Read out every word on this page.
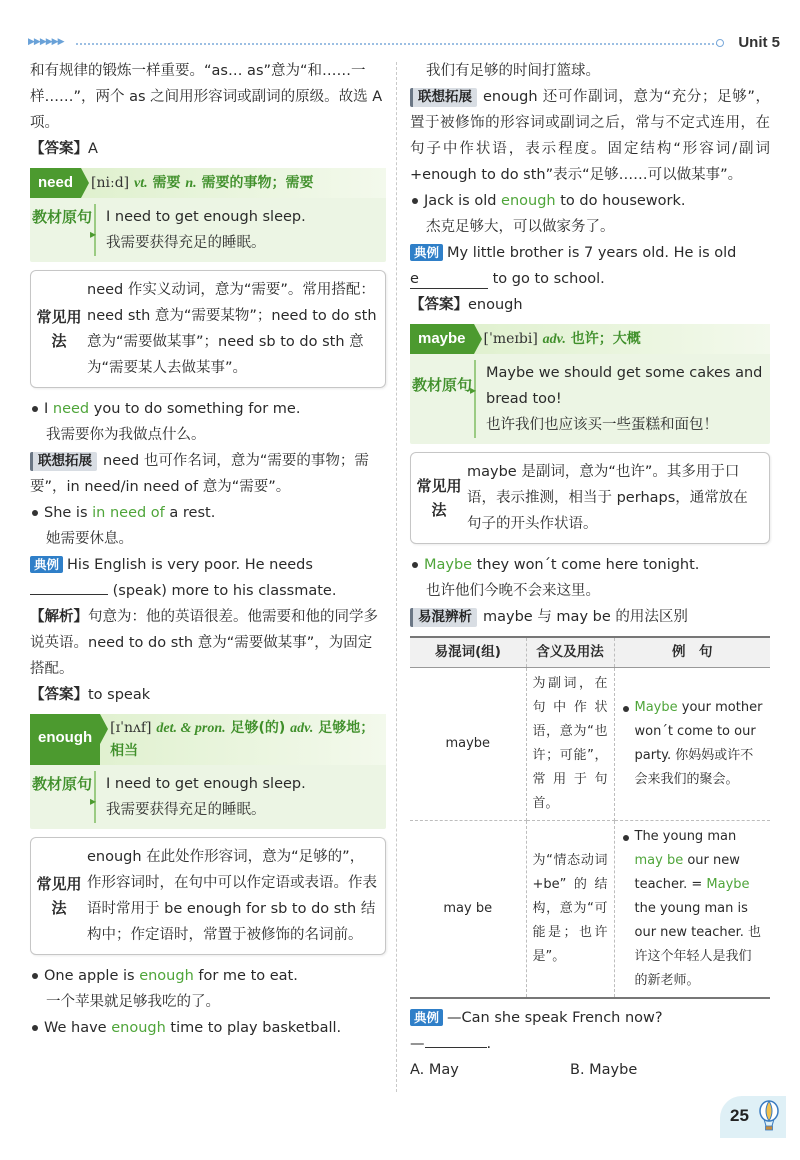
▶▶▶▶▶▶	Unit 5

和有规律的锻炼一样重要。“as… as”意为“和……一样……”，两个 as 之间用形容词或副词的原级。故选 A 项。

【答案】A

need	[niːd] vt. 需要 n. 需要的事物；需要
教材原句 ▸ I need to get enough sleep.

我需要获得充足的睡眠。

常见用法
need 作实义动词，意为“需要”。常用搭配：need sth 意为“需要某物”；need to do sth 意为“需要做某事”；need sb to do sth 意为“需要某人去做某事”。

I need you to do something for me.

我需要你为我做点什么。

联想拓展 need 也可作名词，意为“需要的事物；需要”，in need/in need of 意为“需要”。

She is in need of a rest.

她需要休息。

典例 His English is very poor. He needs

(speak) more to his classmate.

【解析】句意为：他的英语很差。他需要和他的同学多说英语。need to do sth 意为“需要做某事”，为固定搭配。

【答案】to speak

enough
[ɪˈnʌf] det. & pron. 足够(的) adv. 足够地；相当
教材原句 ▸ I need to get enough sleep.

我需要获得充足的睡眠。

常见用法
enough 在此处作形容词，意为“足够的”，作形容词时，在句中可以作定语或表语。作表语时常用于 be enough for sb to do sth 结构中；作定语时，常置于被修饰的名词前。

One apple is enough for me to eat.

一个苹果就足够我吃的了。

We have enough time to play basketball.

我们有足够的时间打篮球。

联想拓展 enough 还可作副词，意为“充分；足够”，置于被修饰的形容词或副词之后，常与不定式连用，在句子中作状语，表示程度。固定结构“形容词/副词+enough to do sth”表示“足够……可以做某事”。

Jack is old enough to do housework.

杰克足够大，可以做家务了。

典例 My little brother is 7 years old. He is old

e	to go to school.

【答案】enough

maybe	[ˈmeɪbi] adv. 也许；大概
教材原句 ▸

Maybe we should get some cakes and bread too!

也许我们也应该买一些蛋糕和面包！

常见用法
maybe 是副词，意为“也许”。其多用于口语，表示推测，相当于 perhaps，通常放在句子的开头作状语。

Maybe they won´t come here tonight.

也许他们今晚不会来这里。

易混辨析 maybe 与 may be 的用法区别

易混词(组)	含义及用法	例　句
maybe	为副词，在句中作状语，意为“也许；可能”，常用于句首。	Maybe your mother won´t come to our party. 你妈妈或许不会来我们的聚会。

may be	为“情态动词+be”的结构，意为“可能是；也许是”。	The young man may be our new teacher. = Maybe the young man is our new teacher. 也许这个年轻人是我们的新老师。

典例 —Can she speak French now?

—	.

A. May	B. Maybe

25
